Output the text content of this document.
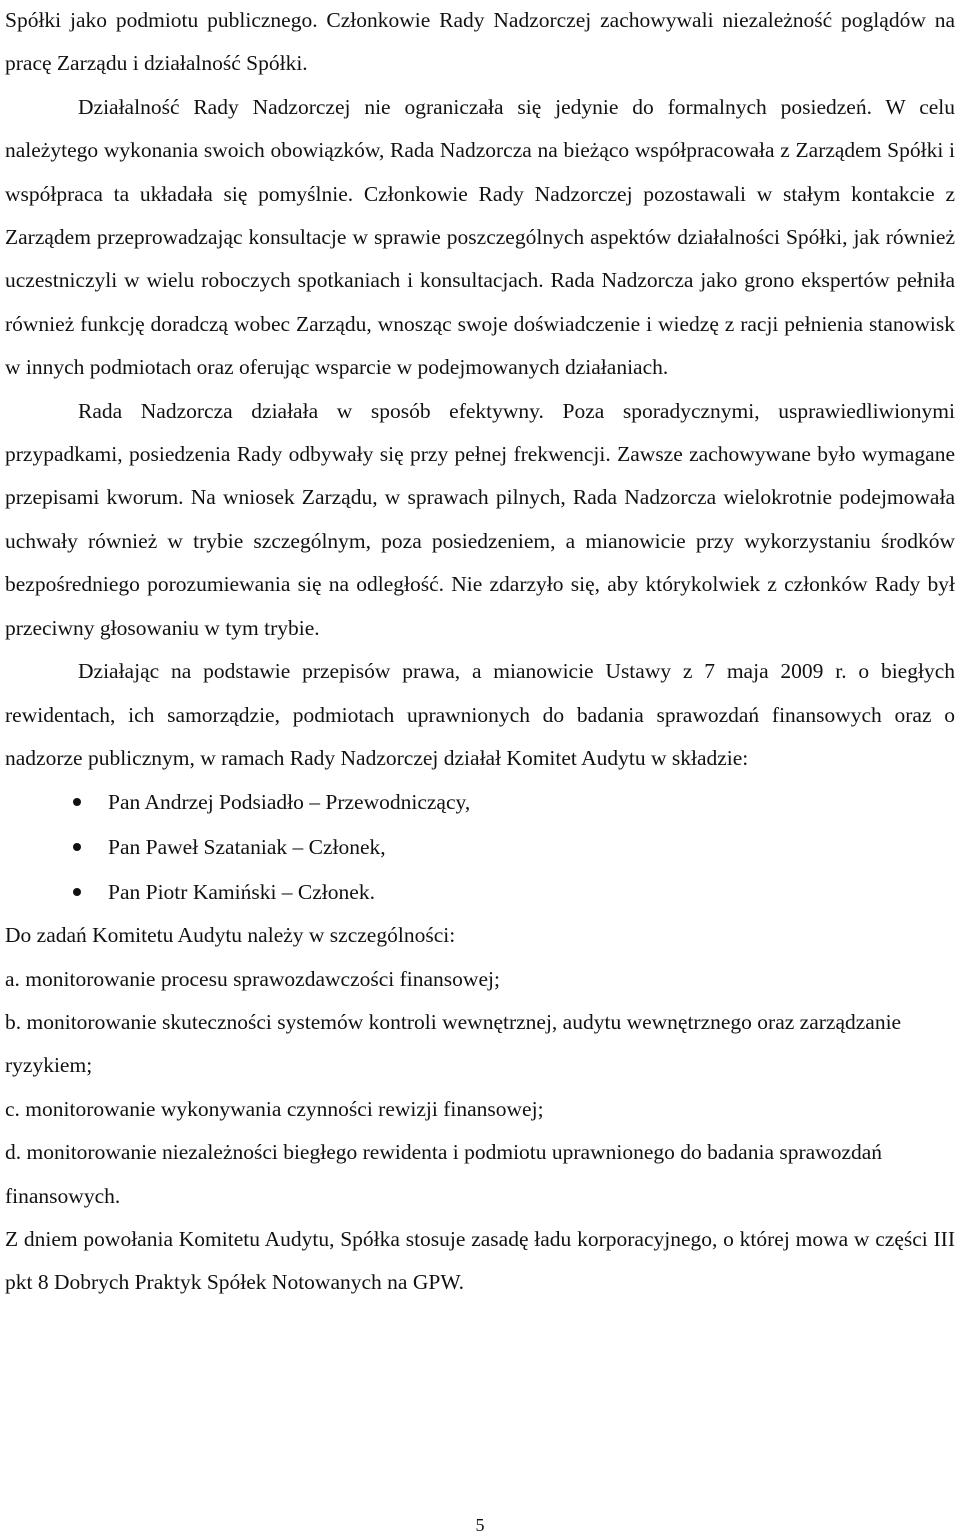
Spółki jako podmiotu publicznego. Członkowie Rady Nadzorczej zachowywali niezależność poglądów na pracę Zarządu i działalność Spółki.

Działalność Rady Nadzorczej nie ograniczała się jedynie do formalnych posiedzeń. W celu należytego wykonania swoich obowiązków, Rada Nadzorcza na bieżąco współpracowała z Zarządem Spółki i współpraca ta układała się pomyślnie. Członkowie Rady Nadzorczej pozostawali w stałym kontakcie z Zarządem przeprowadzając konsultacje w sprawie poszczególnych aspektów działalności Spółki, jak również uczestniczyli w wielu roboczych spotkaniach i konsultacjach. Rada Nadzorcza jako grono ekspertów pełniła również funkcję doradczą wobec Zarządu, wnosząc swoje doświadczenie i wiedzę z racji pełnienia stanowisk w innych podmiotach oraz oferując wsparcie w podejmowanych działaniach.

Rada Nadzorcza działała w sposób efektywny. Poza sporadycznymi, usprawiedliwionymi przypadkami, posiedzenia Rady odbywały się przy pełnej frekwencji. Zawsze zachowywane było wymagane przepisami kworum. Na wniosek Zarządu, w sprawach pilnych, Rada Nadzorcza wielokrotnie podejmowała uchwały również w trybie szczególnym, poza posiedzeniem, a mianowicie przy wykorzystaniu środków bezpośredniego porozumiewania się na odległość. Nie zdarzyło się, aby którykolwiek z członków Rady był przeciwny głosowaniu w tym trybie.

Działając na podstawie przepisów prawa, a mianowicie Ustawy z 7 maja 2009 r. o biegłych rewidentach, ich samorządzie, podmiotach uprawnionych do badania sprawozdań finansowych oraz o nadzorze publicznym, w ramach Rady Nadzorczej działał Komitet Audytu w składzie:

Pan Andrzej Podsiadło – Przewodniczący,
Pan Paweł Szataniak – Członek,
Pan Piotr Kamiński – Członek.

Do zadań Komitetu Audytu należy w szczególności:

a. monitorowanie procesu sprawozdawczości finansowej;

b. monitorowanie skuteczności systemów kontroli wewnętrznej, audytu wewnętrznego oraz zarządzanie ryzykiem;

c. monitorowanie wykonywania czynności rewizji finansowej;

d. monitorowanie niezależności biegłego rewidenta i podmiotu uprawnionego do badania sprawozdań finansowych.

Z dniem powołania Komitetu Audytu, Spółka stosuje zasadę ładu korporacyjnego, o której mowa w części III pkt 8 Dobrych Praktyk Spółek Notowanych na GPW.

5
